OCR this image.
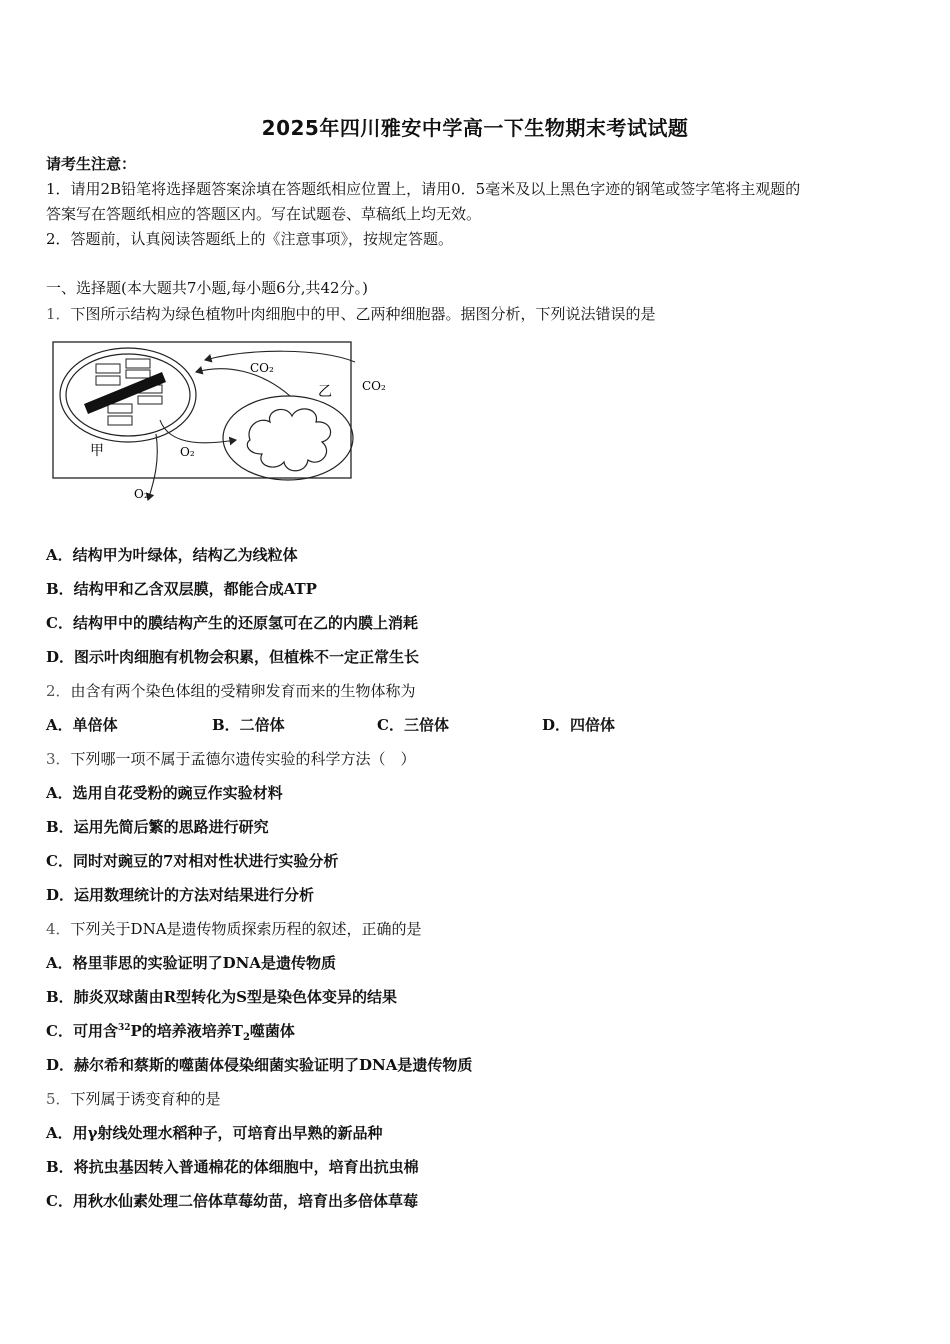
2025年四川雅安中学高一下生物期末考试试题
请考生注意：
1．请用2B铅笔将选择题答案涂填在答题纸相应位置上，请用0．5毫米及以上黑色字迹的钢笔或签字笔将主观题的
答案写在答题纸相应的答题区内。写在试题卷、草稿纸上均无效。
2．答题前，认真阅读答题纸上的《注意事项》，按规定答题。
一、选择题(本大题共7小题,每小题6分,共42分。)
1．下图所示结构为绿色植物叶肉细胞中的甲、乙两种细胞器。据图分析，下列说法错误的是
甲
乙
CO₂
CO₂
O₂
O₂
A．结构甲为叶绿体，结构乙为线粒体
B．结构甲和乙含双层膜，都能合成ATP
C．结构甲中的膜结构产生的还原氢可在乙的内膜上消耗
D．图示叶肉细胞有机物会积累，但植株不一定正常生长
2．由含有两个染色体组的受精卵发育而来的生物体称为
A．单倍体	B．二倍体	C．三倍体	D．四倍体
3．下列哪一项不属于孟德尔遗传实验的科学方法（　）
A．选用自花受粉的豌豆作实验材料
B．运用先简后繁的思路进行研究
C．同时对豌豆的7对相对性状进行实验分析
D．运用数理统计的方法对结果进行分析
4．下列关于DNA是遗传物质探索历程的叙述，正确的是
A．格里菲思的实验证明了DNA是遗传物质
B．肺炎双球菌由R型转化为S型是染色体变异的结果
C．可用含$^{32}$P的培养液培养$T_2$噬菌体
D．赫尔希和蔡斯的噬菌体侵染细菌实验证明了DNA是遗传物质
5．下列属于诱变育种的是
A．用γ射线处理水稻种子，可培育出早熟的新品种
B．将抗虫基因转入普通棉花的体细胞中，培育出抗虫棉
C．用秋水仙素处理二倍体草莓幼苗，培育出多倍体草莓
